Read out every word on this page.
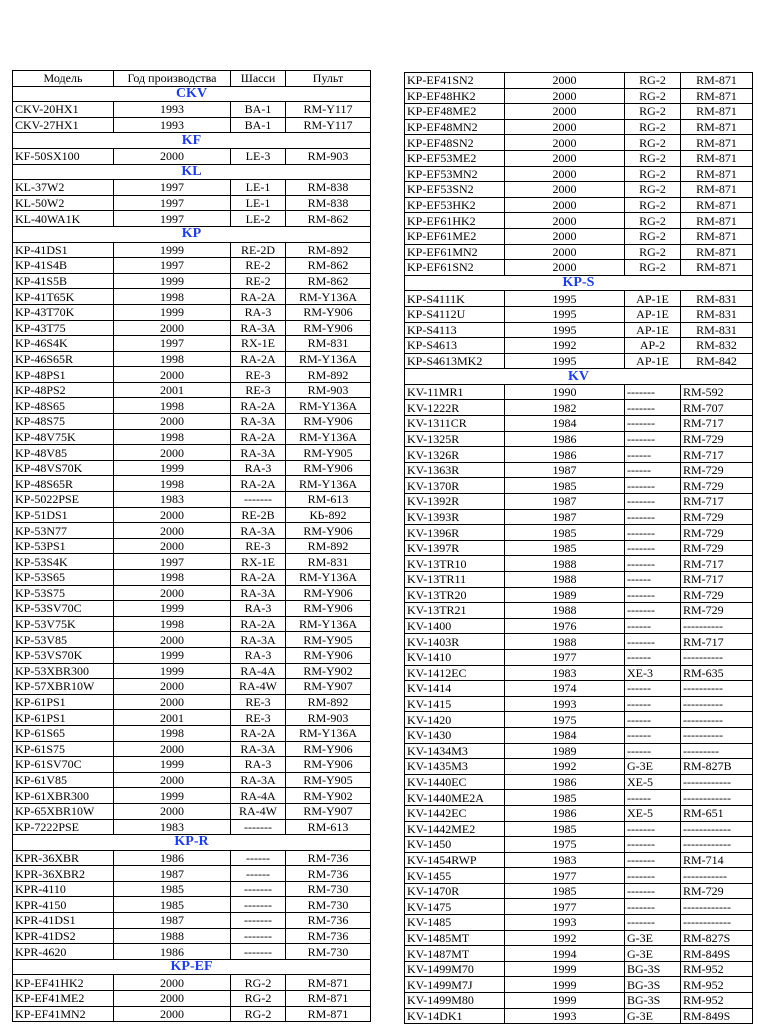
Модель	Год производства	Шасси	Пульт
CKV			
CKV-20HX1	1993	BA-1	RM-Y117
CKV-27HX1	1993	BA-1	RM-Y117
KF			
KF-50SX100	2000	LE-3	RM-903
KL			
KL-37W2	1997	LE-1	RM-838
KL-50W2	1997	LE-1	RM-838
KL-40WA1K	1997	LE-2	RM-862
KP			
KP-41DS1	1999	RE-2D	RM-892
KP-41S4B	1997	RE-2	RM-862
KP-41S5B	1999	RE-2	RM-862
KP-41T65K	1998	RA-2A	RM-Y136A
KP-43T70K	1999	RA-3	RM-Y906
KP-43T75	2000	RA-3A	RM-Y906
KP-46S4K	1997	RX-1E	RM-831
KP-46S65R	1998	RA-2A	RM-Y136A
KP-48PS1	2000	RE-3	RM-892
KP-48PS2	2001	RE-3	RM-903
KP-48S65	1998	RA-2A	RM-Y136A
KP-48S75	2000	RA-3A	RM-Y906
KP-48V75K	1998	RA-2A	RM-Y136A
KP-48V85	2000	RA-3A	RM-Y905
KP-48VS70K	1999	RA-3	RM-Y906
KP-48S65R	1998	RA-2A	RM-Y136A
KP-5022PSE	1983	-------	RM-613
KP-51DS1	2000	RE-2B	КЬ-892
KP-53N77	2000	RA-3A	RM-Y906
KP-53PS1	2000	RE-3	RM-892
KP-53S4K	1997	RX-1E	RM-831
KP-53S65	1998	RA-2A	RM-Y136A
KP-53S75	2000	RA-3A	RM-Y906
KP-53SV70C	1999	RA-3	RM-Y906
KP-53V75K	1998	RA-2A	RM-Y136A
KP-53V85	2000	RA-3A	RM-Y905
KP-53VS70K	1999	RA-3	RM-Y906
KP-53XBR300	1999	RA-4A	RM-Y902
KP-57XBR10W	2000	RA-4W	RM-Y907
KP-61PS1	2000	RE-3	RM-892
KP-61PS1	2001	RE-3	RM-903
KP-61S65	1998	RA-2A	RM-Y136A
KP-61S75	2000	RA-3A	RM-Y906
KP-61SV70C	1999	RA-3	RM-Y906
KP-61V85	2000	RA-3A	RM-Y905
KP-61XBR300	1999	RA-4A	RM-Y902
KP-65XBR10W	2000	RA-4W	RM-Y907
KP-7222PSE	1983	-------	RM-613
KP-R			
KPR-36XBR	1986	------	RM-736
KPR-36XBR2	1987	------	RM-736
KPR-4110	1985	-------	RM-730
KPR-4150	1985	-------	RM-730
KPR-41DS1	1987	-------	RM-736
KPR-41DS2	1988	-------	RM-736
KPR-4620	1986	-------	RM-730
KP-EF			
KP-EF41HK2	2000	RG-2	RM-871
KP-EF41ME2	2000	RG-2	RM-871
KP-EF41MN2	2000	RG-2	RM-871
KP-EF41SN2	2000	RG-2	RM-871
KP-EF48HK2	2000	RG-2	RM-871
KP-EF48ME2	2000	RG-2	RM-871
KP-EF48MN2	2000	RG-2	RM-871
KP-EF48SN2	2000	RG-2	RM-871
KP-EF53ME2	2000	RG-2	RM-871
KP-EF53MN2	2000	RG-2	RM-871
KP-EF53SN2	2000	RG-2	RM-871
KP-EF53HK2	2000	RG-2	RM-871
KP-EF61HK2	2000	RG-2	RM-871
KP-EF61ME2	2000	RG-2	RM-871
KP-EF61MN2	2000	RG-2	RM-871
KP-EF61SN2	2000	RG-2	RM-871
KP-S			
KP-S4111K	1995	AP-1E	RM-831
KP-S4112U	1995	AP-1E	RM-831
KP-S4113	1995	AP-1E	RM-831
KP-S4613	1992	AP-2	RM-832
KP-S4613MK2	1995	AP-1E	RM-842
KV			
KV-11MR1	1990	-------	RM-592
KV-1222R	1982	-------	RM-707
KV-1311CR	1984	-------	RM-717
KV-1325R	1986	-------	RM-729
KV-1326R	1986	------	RM-717
KV-1363R	1987	------	RM-729
KV-1370R	1985	-------	RM-729
KV-1392R	1987	-------	RM-717
KV-1393R	1987	-------	RM-729
KV-1396R	1985	-------	RM-729
KV-1397R	1985	-------	RM-729
KV-13TR10	1988	-------	RM-717
KV-13TR11	1988	------	RM-717
KV-13TR20	1989	-------	RM-729
KV-13TR21	1988	-------	RM-729
KV-1400	1976	------	----------
KV-1403R	1988	-------	RM-717
KV-1410	1977	------	----------
KV-1412EC	1983	XE-3	RM-635
KV-1414	1974	------	----------
KV-1415	1993	------	----------
KV-1420	1975	------	----------
KV-1430	1984	------	----------
KV-1434M3	1989	------	---------
KV-1435M3	1992	G-3E	RM-827B
KV-1440EC	1986	XE-5	------------
KV-1440ME2A	1985	------	------------
KV-1442EC	1986	XE-5	RM-651
KV-1442ME2	1985	-------	------------
KV-1450	1975	-------	------------
KV-1454RWP	1983	-------	RM-714
KV-1455	1977	-------	-----------
KV-1470R	1985	-------	RM-729
KV-1475	1977	-------	------------
KV-1485	1993	-------	------------
KV-1485MT	1992	G-3E	RM-827S
KV-1487MT	1994	G-3E	RM-849S
KV-1499M70	1999	BG-3S	RM-952
KV-1499M7J	1999	BG-3S	RM-952
KV-1499M80	1999	BG-3S	RM-952
KV-14DK1	1993	G-3E	RM-849S
